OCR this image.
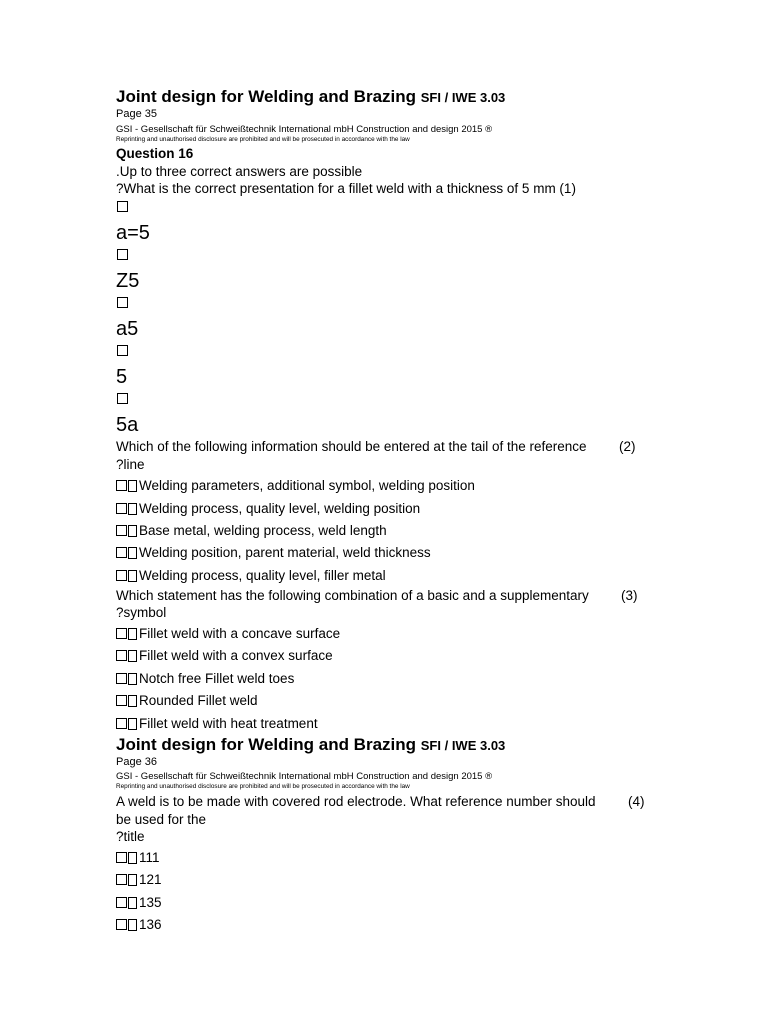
Joint design for Welding and Brazing SFI / IWE 3.03
Page 35
GSI - Gesellschaft für Schweißtechnik International mbH Construction and design 2015 ®
Reprinting and unauthorised disclosure are prohibited and will be prosecuted in accordance with the law
Question 16
.Up to three correct answers are possible
?What is the correct presentation for a fillet weld with a thickness of 5 mm (1)
a=5
Z5
a5
5
5a
Which of the following information should be entered at the tail of the reference (2)
?line
Welding parameters, additional symbol, welding position
Welding process, quality level, welding position
Base metal, welding process, weld length
Welding position, parent material, weld thickness
Welding process, quality level, filler metal
Which statement has the following combination of a basic and a supplementary (3)
?symbol
Fillet weld with a concave surface
Fillet weld with a convex surface
Notch free Fillet weld toes
Rounded Fillet weld
Fillet weld with heat treatment
Joint design for Welding and Brazing SFI / IWE 3.03
Page 36
GSI - Gesellschaft für Schweißtechnik International mbH Construction and design 2015 ®
Reprinting and unauthorised disclosure are prohibited and will be prosecuted in accordance with the law
A weld is to be made with covered rod electrode. What reference number should (4)
be used for the
?title
111
121
135
136
